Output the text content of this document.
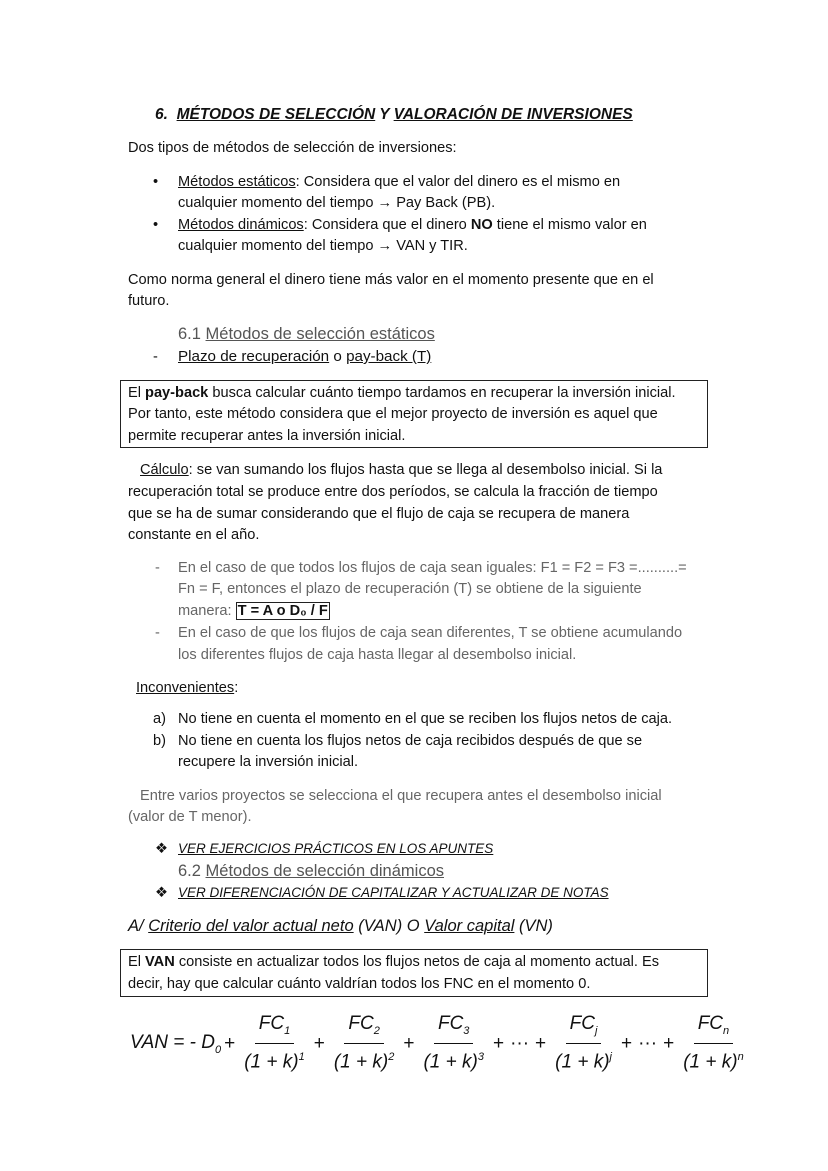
6. MÉTODOS DE SELECCIÓN Y VALORACIÓN DE INVERSIONES
Dos tipos de métodos de selección de inversiones:
• Métodos estáticos: Considera que el valor del dinero es el mismo en
cualquier momento del tiempo → Pay Back (PB).
• Métodos dinámicos: Considera que el dinero NO tiene el mismo valor en
cualquier momento del tiempo → VAN y TIR.
Como norma general el dinero tiene más valor en el momento presente que en el
futuro.
6.1 Métodos de selección estáticos
- Plazo de recuperación o pay-back (T)
El pay-back busca calcular cuánto tiempo tardamos en recuperar la inversión inicial.
Por tanto, este método considera que el mejor proyecto de inversión es aquel que
permite recuperar antes la inversión inicial.
Cálculo: se van sumando los flujos hasta que se llega al desembolso inicial. Si la
recuperación total se produce entre dos períodos, se calcula la fracción de tiempo
que se ha de sumar considerando que el flujo de caja se recupera de manera
constante en el año.
- En el caso de que todos los flujos de caja sean iguales: F1 = F2 = F3 =..........=
Fn = F, entonces el plazo de recuperación (T) se obtiene de la siguiente
manera: T = A o D₀ / F
- En el caso de que los flujos de caja sean diferentes, T se obtiene acumulando
los diferentes flujos de caja hasta llegar al desembolso inicial.
Inconvenientes:
a) No tiene en cuenta el momento en el que se reciben los flujos netos de caja.
b) No tiene en cuenta los flujos netos de caja recibidos después de que se
recupere la inversión inicial.
Entre varios proyectos se selecciona el que recupera antes el desembolso inicial
(valor de T menor).
❖ VER EJERCICIOS PRÁCTICOS EN LOS APUNTES
6.2 Métodos de selección dinámicos
❖ VER DIFERENCIACIÓN DE CAPITALIZAR Y ACTUALIZAR DE NOTAS
A/ Criterio del valor actual neto (VAN) O Valor capital (VN)
El VAN consiste en actualizar todos los flujos netos de caja al momento actual. Es
decir, hay que calcular cuánto valdrían todos los FNC en el momento 0.
VAN = - $D_0 + \frac{FC_1}{(1 + k)^1} + \frac{FC_2}{(1 + k)^2} + \frac{FC_3}{(1 + k)^3}$ + ··· + $\frac{FC_j}{(1 + k)^j}$ + ··· + $\frac{FC_n}{(1 + k)^n}$
